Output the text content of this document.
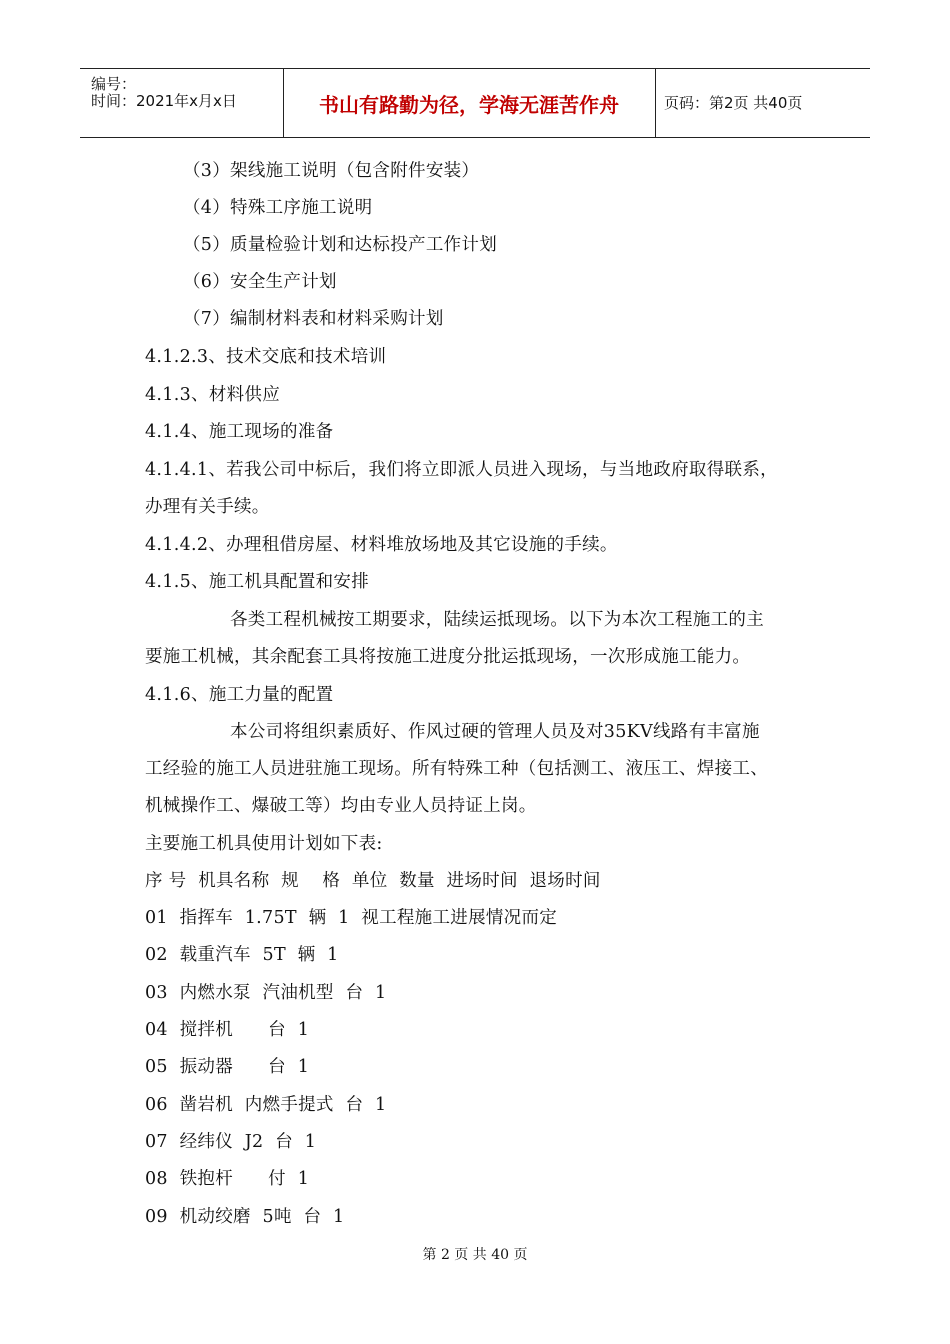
编号：
时间：2021年x月x日	书山有路勤为径，学海无涯苦作舟	页码：第2页 共40页
（3）架线施工说明（包含附件安装）
（4）特殊工序施工说明
（5）质量检验计划和达标投产工作计划
（6）安全生产计划
（7）编制材料表和材料采购计划
4.1.2.3、技术交底和技术培训
4.1.3、材料供应
4.1.4、施工现场的准备
4.1.4.1、若我公司中标后，我们将立即派人员进入现场，与当地政府取得联系，
办理有关手续。
4.1.4.2、办理租借房屋、材料堆放场地及其它设施的手续。
4.1.5、施工机具配置和安排
各类工程机械按工期要求，陆续运抵现场。以下为本次工程施工的主
要施工机械，其余配套工具将按施工进度分批运抵现场，一次形成施工能力。
4.1.6、施工力量的配置
本公司将组织素质好、作风过硬的管理人员及对35KV线路有丰富施
工经验的施工人员进驻施工现场。所有特殊工种（包括测工、液压工、焊接工、
机械操作工、爆破工等）均由专业人员持证上岗。
主要施工机具使用计划如下表:
序 号  机具名称  规    格  单位  数量  进场时间  退场时间
01  指挥车  1.75T  辆  1  视工程施工进展情况而定
02  载重汽车  5T  辆  1
03  内燃水泵  汽油机型  台  1
04  搅拌机      台  1
05  振动器      台  1
06  凿岩机  内燃手提式  台  1
07  经纬仪  J2  台  1
08  铁抱杆      付  1
09  机动绞磨  5吨  台  1
第 2 页 共 40 页
